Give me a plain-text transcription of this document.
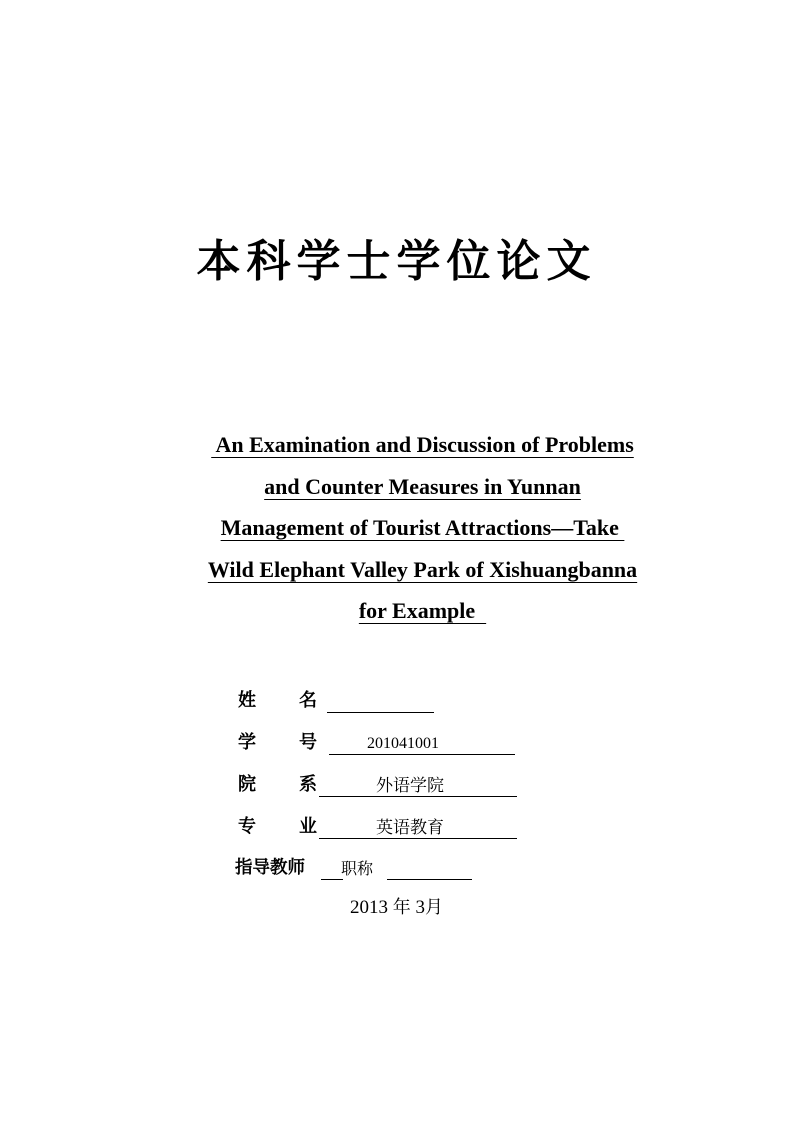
本科学士学位论文
An Examination and Discussion of Problems
and Counter Measures in Yunnan
Management of Tourist Attractions—Take
Wild Elephant Valley Park of Xishuangbanna
for Example
姓 名
学 号	201041001
院 系	外语学院
专 业	英语教育
指导教师 职称
2013 年 3月
